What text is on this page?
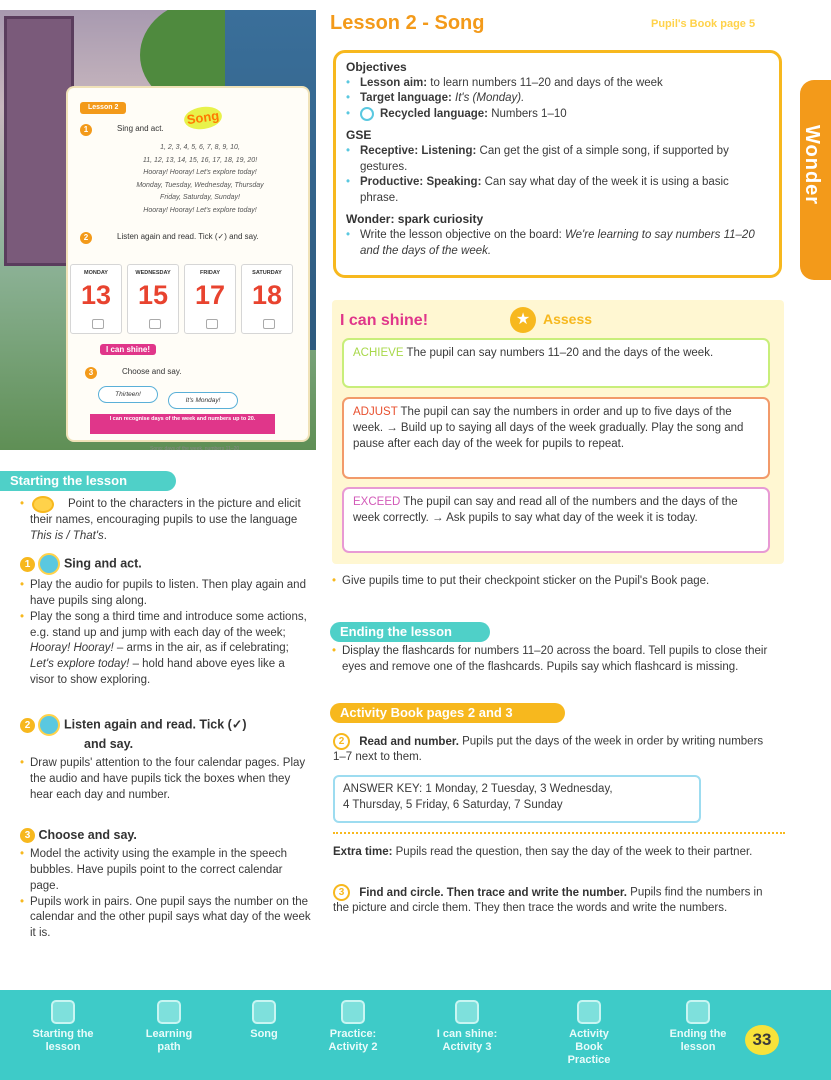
Lesson 2
Song
1	Sing and act.
1, 2, 3, 4, 5, 6, 7, 8, 9, 10,
11, 12, 13, 14, 15, 16, 17, 18, 19, 20!
Hooray! Hooray! Let's explore today!
Monday, Tuesday, Wednesday, Thursday
Friday, Saturday, Sunday!
Hooray! Hooray! Let's explore today!
2	Listen again and read. Tick (✓) and say.
MONDAY
13
WEDNESDAY
15
FRIDAY
17
SATURDAY
18
I can shine!
3	Choose and say.
Thirteen!
It's Monday!
I can recognise days of the week and numbers up to 20.
Song: days of the week, numbers 11–20
Starting the lesson
• Point to the characters in the picture and elicit their names, encouraging pupils to use the language This is / That's.
1	Sing and act.
• Play the audio for pupils to listen. Then play again and have pupils sing along.
• Play the song a third time and introduce some actions, e.g. stand up and jump with each day of the week; Hooray! Hooray! – arms in the air, as if celebrating; Let's explore today! – hold hand above eyes like a visor to show exploring.
2	Listen again and read. Tick (✓)
and say.
• Draw pupils' attention to the four calendar pages. Play the audio and have pupils tick the boxes when they hear each day and number.
3 Choose and say.
• Model the activity using the example in the speech bubbles. Have pupils point to the correct calendar page.
• Pupils work in pairs. One pupil says the number on the calendar and the other pupil says what day of the week it is.
Lesson 2 - Song	Pupil's Book page 5
Wonder
Objectives
• Lesson aim: to learn numbers 11–20 and days of the week
• Target language: It's (Monday).
• Recycled language: Numbers 1–10
GSE
• Receptive: Listening: Can get the gist of a simple song, if supported by gestures.
• Productive: Speaking: Can say what day of the week it is using a basic phrase.
Wonder: spark curiosity
• Write the lesson objective on the board: We're learning to say numbers 11–20 and the days of the week.
I can shine!	★ Assess
ACHIEVE The pupil can say numbers 11–20 and the days of the week.
ADJUST The pupil can say the numbers in order and up to five days of the week. → Build up to saying all days of the week gradually. Play the song and pause after each day of the week for pupils to repeat.
EXCEED The pupil can say and read all of the numbers and the days of the week correctly. → Ask pupils to say what day of the week it is today.
• Give pupils time to put their checkpoint sticker on the Pupil's Book page.
Ending the lesson
• Display the flashcards for numbers 11–20 across the board. Tell pupils to close their eyes and remove one of the flashcards. Pupils say which flashcard is missing.
Activity Book pages 2 and 3
2 Read and number. Pupils put the days of the week in order by writing numbers 1–7 next to them.
ANSWER KEY: 1 Monday, 2 Tuesday, 3 Wednesday,
4 Thursday, 5 Friday, 6 Saturday, 7 Sunday
Extra time: Pupils read the question, then say the day of the week to their partner.
3 Find and circle. Then trace and write the number. Pupils find the numbers in the picture and circle them. They then trace the words and write the numbers.
Starting the lesson
Learning path
Song	Practice: Activity 2
I can shine: Activity 3
Activity Book Practice
Ending the lesson	33
